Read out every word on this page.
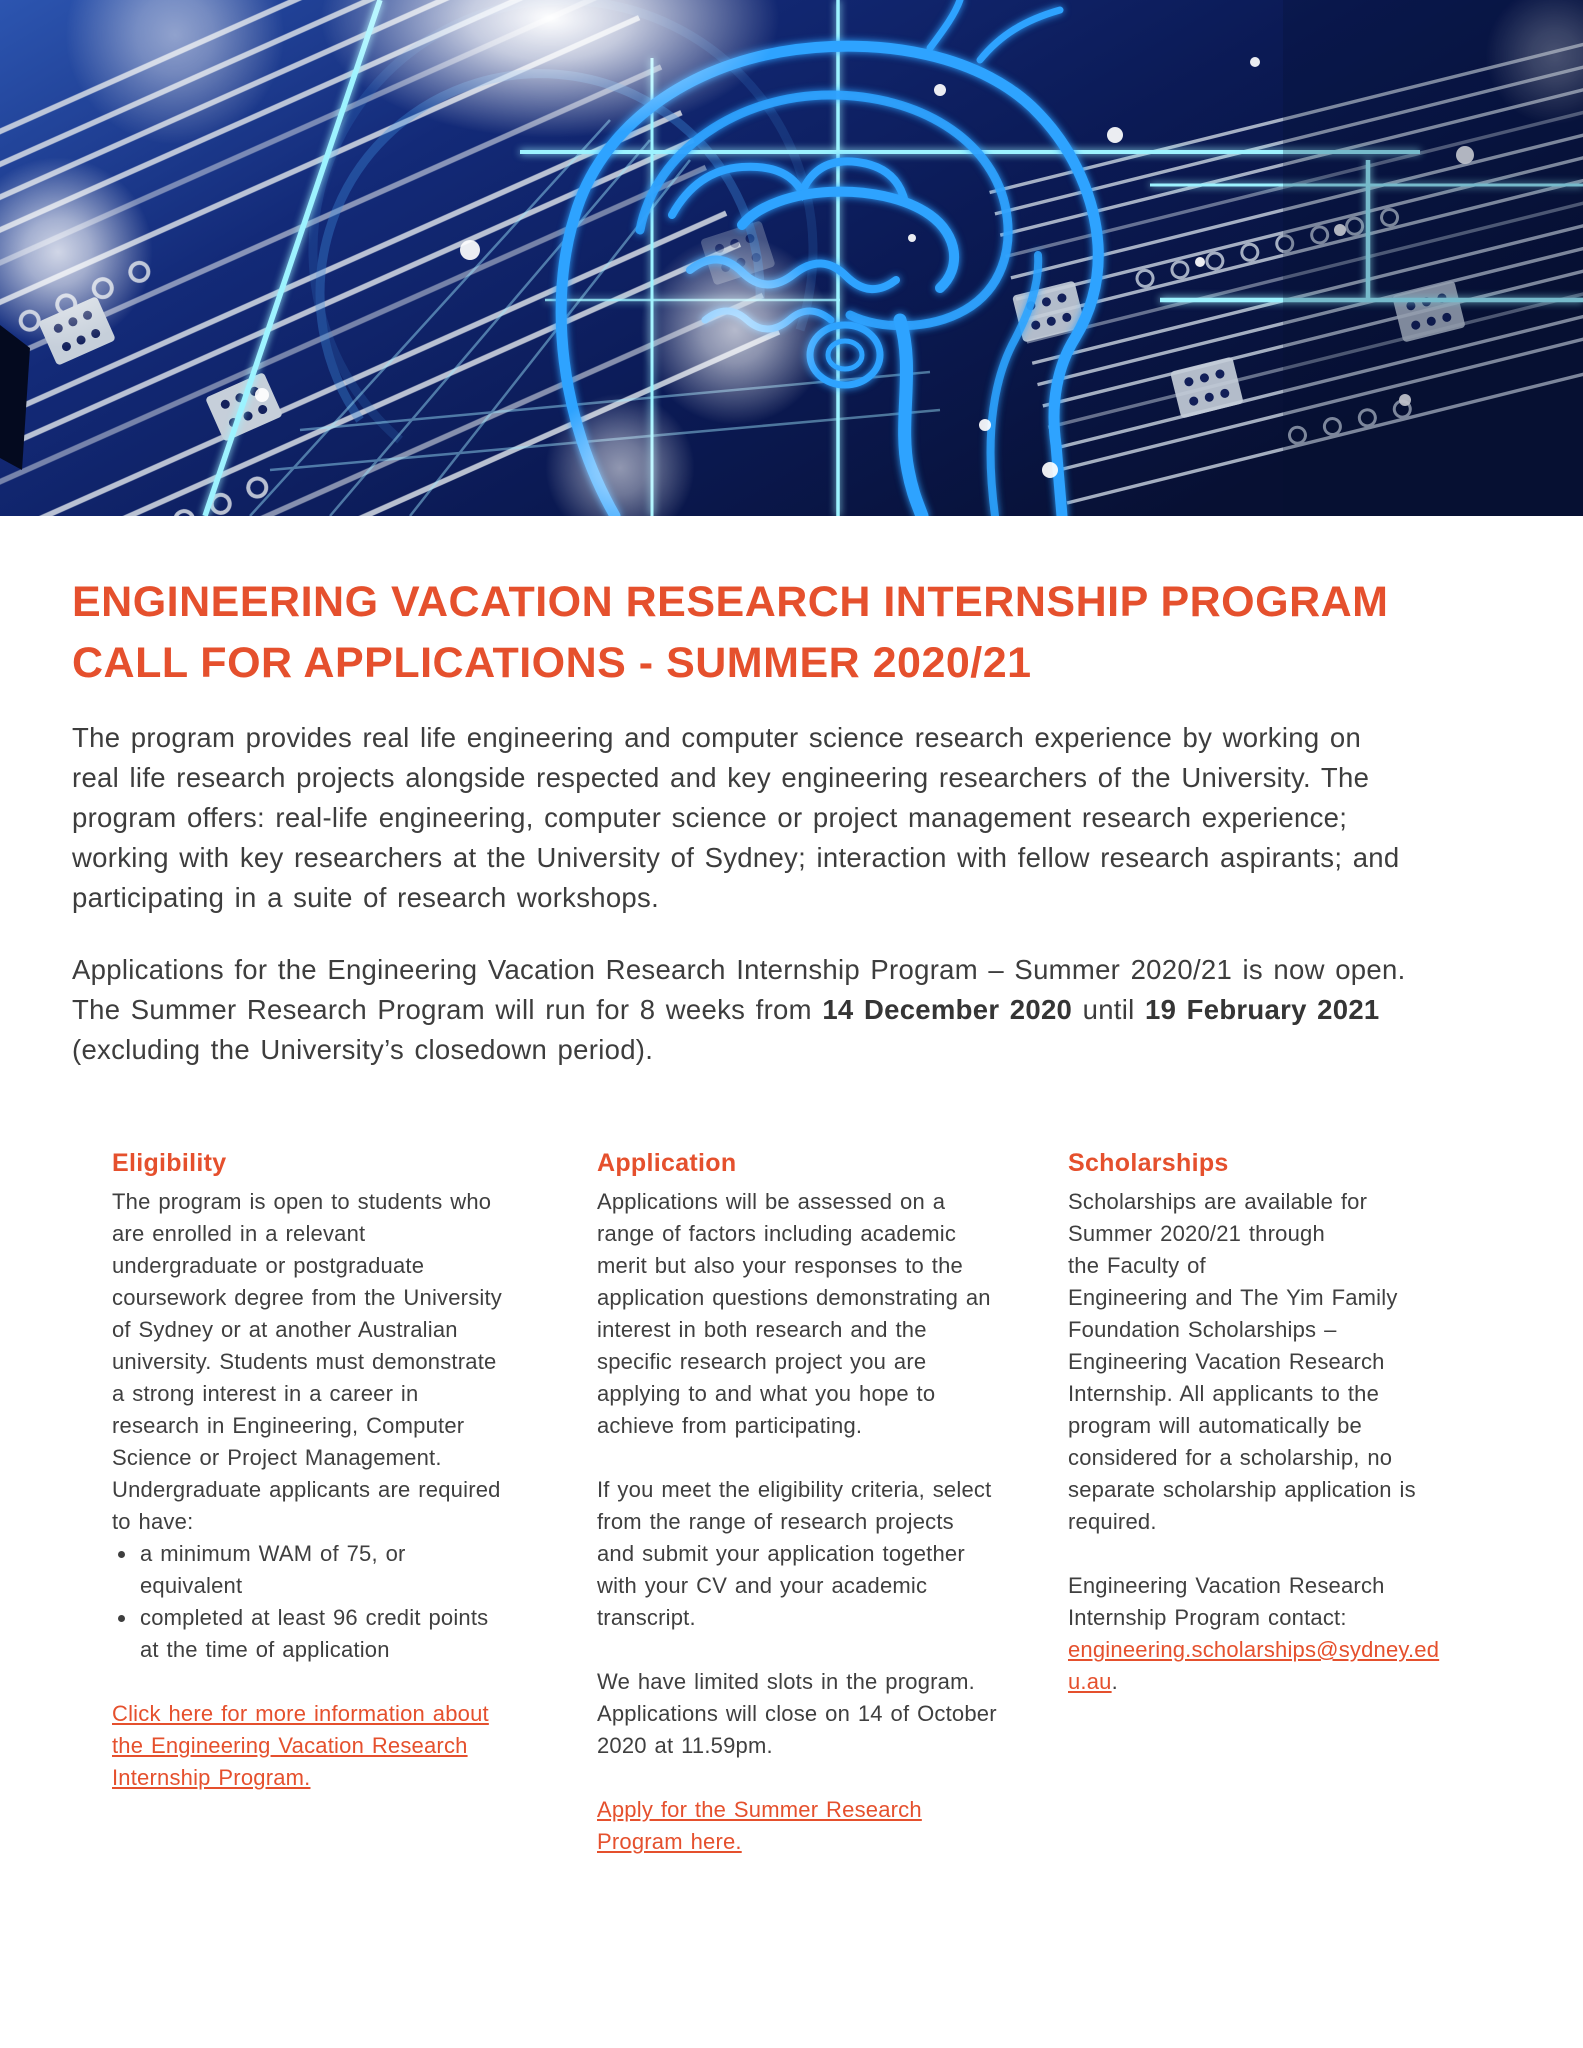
ENGINEERING VACATION RESEARCH INTERNSHIP PROGRAM
CALL FOR APPLICATIONS - SUMMER 2020/21

The program provides real life engineering and computer science research experience by working on real life research projects alongside respected and key engineering researchers of the University. The program offers: real-life engineering, computer science or project management research experience; working with key researchers at the University of Sydney; interaction with fellow research aspirants; and participating in a suite of research workshops.

Applications for the Engineering Vacation Research Internship Program – Summer 2020/21 is now open. The Summer Research Program will run for 8 weeks from 14 December 2020 until 19 February 2021 (excluding the University’s closedown period).

Eligibility
The program is open to students who are enrolled in a relevant undergraduate or postgraduate coursework degree from the University of Sydney or at another Australian university. Students must demonstrate a strong interest in a career in research in Engineering, Computer Science or Project Management. Undergraduate applicants are required to have:
• a minimum WAM of 75, or equivalent
• completed at least 96 credit points at the time of application
Click here for more information about the Engineering Vacation Research Internship Program.
Application

Applications will be assessed on a range of factors including academic merit but also your responses to the application questions demonstrating an interest in both research and the specific research project you are applying to and what you hope to achieve from participating.

If you meet the eligibility criteria, select from the range of research projects and submit your application together with your CV and your academic transcript.

We have limited slots in the program. Applications will close on 14 of October 2020 at 11.59pm.

Apply for the Summer Research Program here.
Scholarships

Scholarships are available for Summer 2020/21 through
the Faculty of
Engineering and The Yim Family Foundation Scholarships – Engineering Vacation Research Internship. All applicants to the program will automatically be considered for a scholarship, no separate scholarship application is required.

Engineering Vacation Research Internship Program contact:
engineering.scholarships@sydney.edu.au.
